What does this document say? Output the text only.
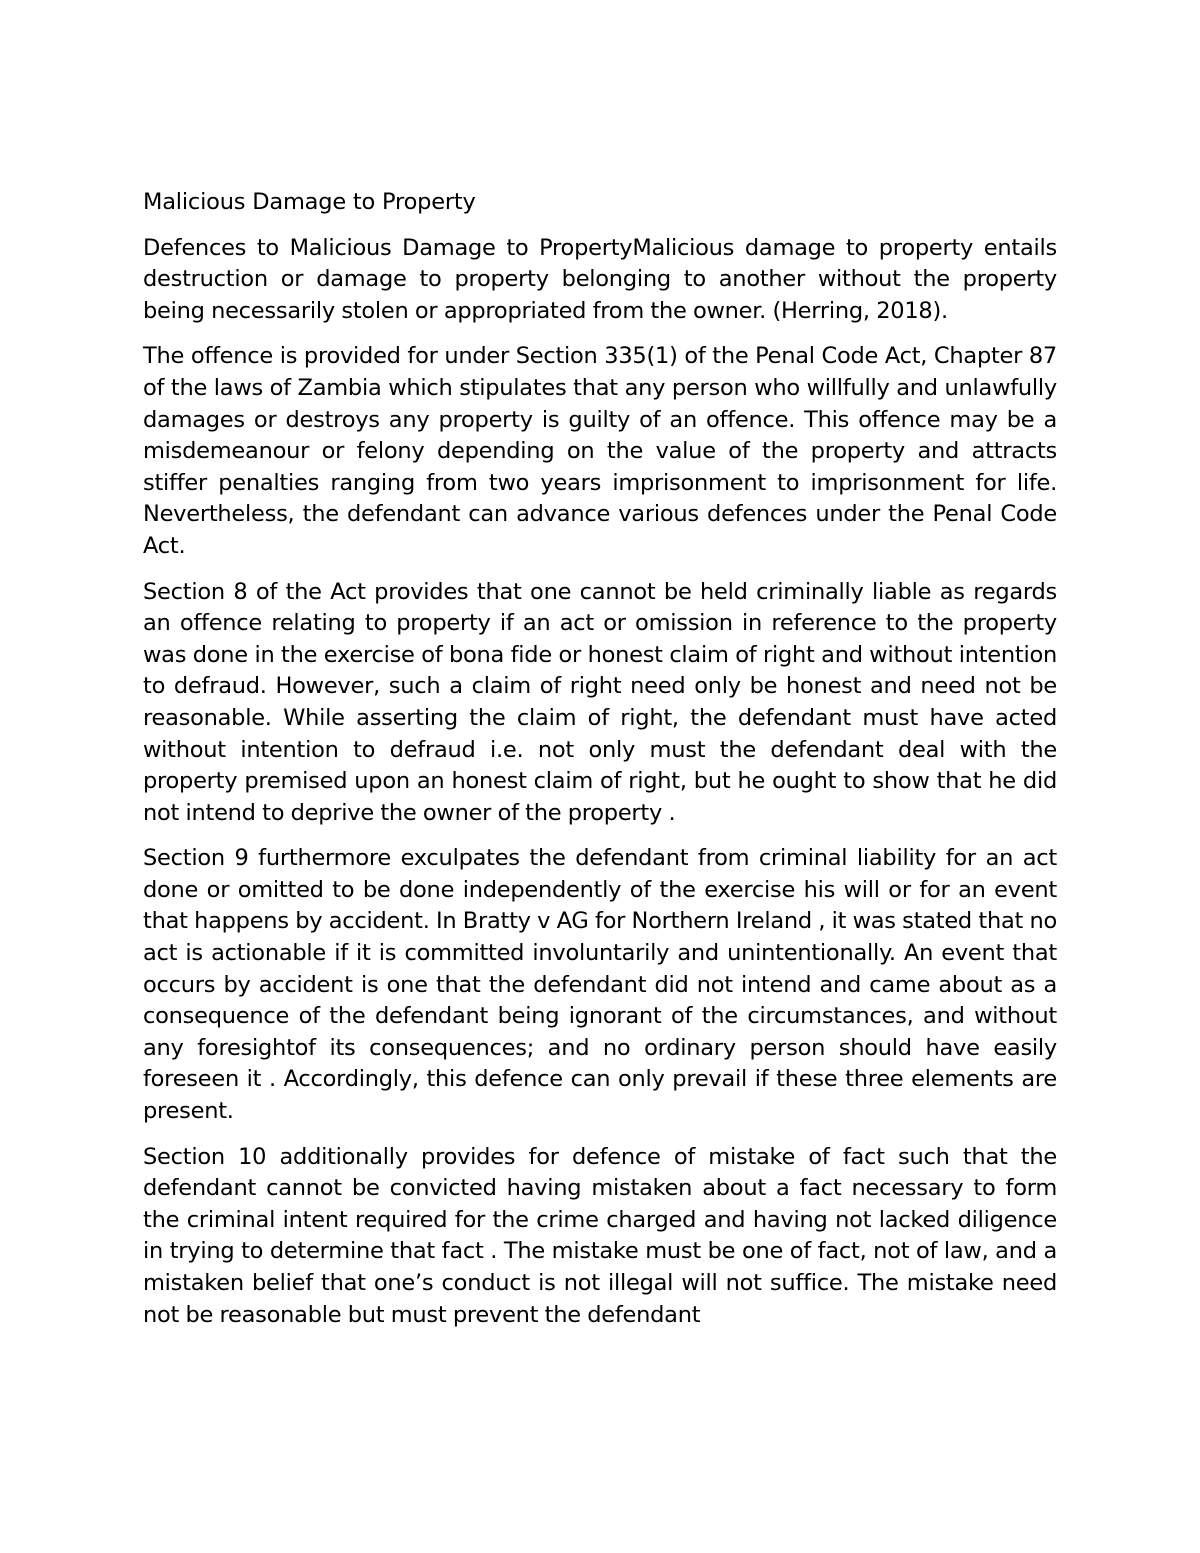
Malicious Damage to Property

Defences to Malicious Damage to PropertyMalicious damage to property entails destruction or damage to property belonging to another without the property being necessarily stolen or appropriated from the owner. (Herring, 2018).

The offence is provided for under Section 335(1) of the Penal Code Act, Chapter 87 of the laws of Zambia which stipulates that any person who willfully and unlawfully damages or destroys any property is guilty of an offence. This offence may be a misdemeanour or felony depending on the value of the property and attracts stiffer penalties ranging from two years imprisonment to imprisonment for life. Nevertheless, the defendant can advance various defences under the Penal Code Act.

Section 8 of the Act provides that one cannot be held criminally liable as regards an offence relating to property if an act or omission in reference to the property was done in the exercise of bona fide or honest claim of right and without intention to defraud. However, such a claim of right need only be honest and need not be reasonable. While asserting the claim of right, the defendant must have acted without intention to defraud i.e. not only must the defendant deal with the property premised upon an honest claim of right, but he ought to show that he did not intend to deprive the owner of the property .

Section 9 furthermore exculpates the defendant from criminal liability for an act done or omitted to be done independently of the exercise his will or for an event that happens by accident. In Bratty v AG for Northern Ireland , it was stated that no act is actionable if it is committed involuntarily and unintentionally. An event that occurs by accident is one that the defendant did not intend and came about as a consequence of the defendant being ignorant of the circumstances, and without any foresightof its consequences; and no ordinary person should have easily foreseen it . Accordingly, this defence can only prevail if these three elements are present.

Section 10 additionally provides for defence of mistake of fact such that the defendant cannot be convicted having mistaken about a fact necessary to form the criminal intent required for the crime charged and having not lacked diligence in trying to determine that fact . The mistake must be one of fact, not of law, and a mistaken belief that one’s conduct is not illegal will not suffice. The mistake need not be reasonable but must prevent the defendant
